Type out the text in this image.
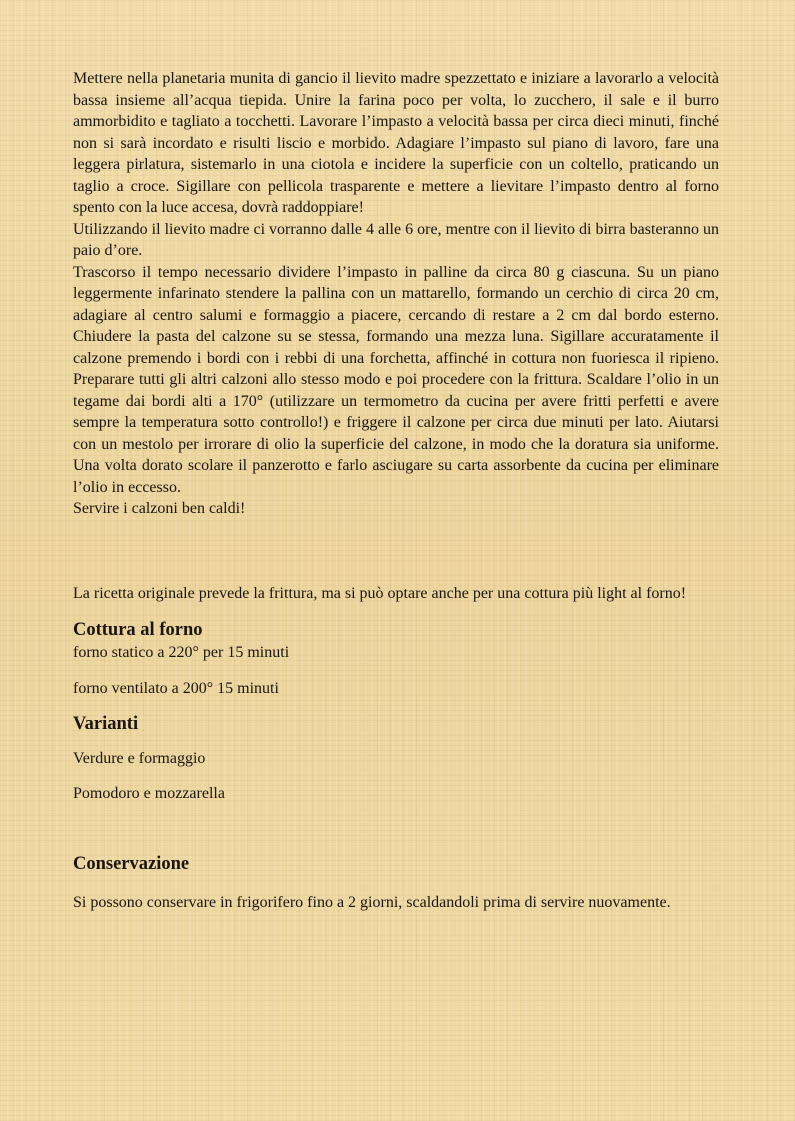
Mettere nella planetaria munita di gancio il lievito madre spezzettato e iniziare a lavorarlo a velocità bassa insieme all’acqua tiepida. Unire la farina poco per volta, lo zucchero, il sale e il burro ammorbidito e tagliato a tocchetti. Lavorare l’impasto a velocità bassa per circa dieci minuti, finché non si sarà incordato e risulti liscio e morbido. Adagiare l’impasto sul piano di lavoro, fare una leggera pirlatura, sistemarlo in una ciotola e incidere la superficie con un coltello, praticando un taglio a croce. Sigillare con pellicola trasparente e mettere a lievitare l’impasto dentro al forno spento con la luce accesa, dovrà raddoppiare!

Utilizzando il lievito madre ci vorranno dalle 4 alle 6 ore, mentre con il lievito di birra basteranno un paio d’ore.

Trascorso il tempo necessario dividere l’impasto in palline da circa 80 g ciascuna. Su un piano leggermente infarinato stendere la pallina con un mattarello, formando un cerchio di circa 20 cm, adagiare al centro salumi e formaggio a piacere, cercando di restare a 2 cm dal bordo esterno. Chiudere la pasta del calzone su se stessa, formando una mezza luna. Sigillare accuratamente il calzone premendo i bordi con i rebbi di una forchetta, affinché in cottura non fuoriesca il ripieno. Preparare tutti gli altri calzoni allo stesso modo e poi procedere con la frittura. Scaldare l’olio in un tegame dai bordi alti a 170° (utilizzare un termometro da cucina per avere fritti perfetti e avere sempre la temperatura sotto controllo!) e friggere il calzone per circa due minuti per lato. Aiutarsi con un mestolo per irrorare di olio la superficie del calzone, in modo che la doratura sia uniforme. Una volta dorato scolare il panzerotto e farlo asciugare su carta assorbente da cucina per eliminare l’olio in eccesso.

Servire i calzoni ben caldi!

La ricetta originale prevede la frittura, ma si può optare anche per una cottura più light al forno!

Cottura al forno

forno statico a 220° per 15 minuti

forno ventilato a 200° 15 minuti

Varianti

Verdure e formaggio

Pomodoro e mozzarella

Conservazione

Si possono conservare in frigorifero fino a 2 giorni, scaldandoli prima di servire nuovamente.
